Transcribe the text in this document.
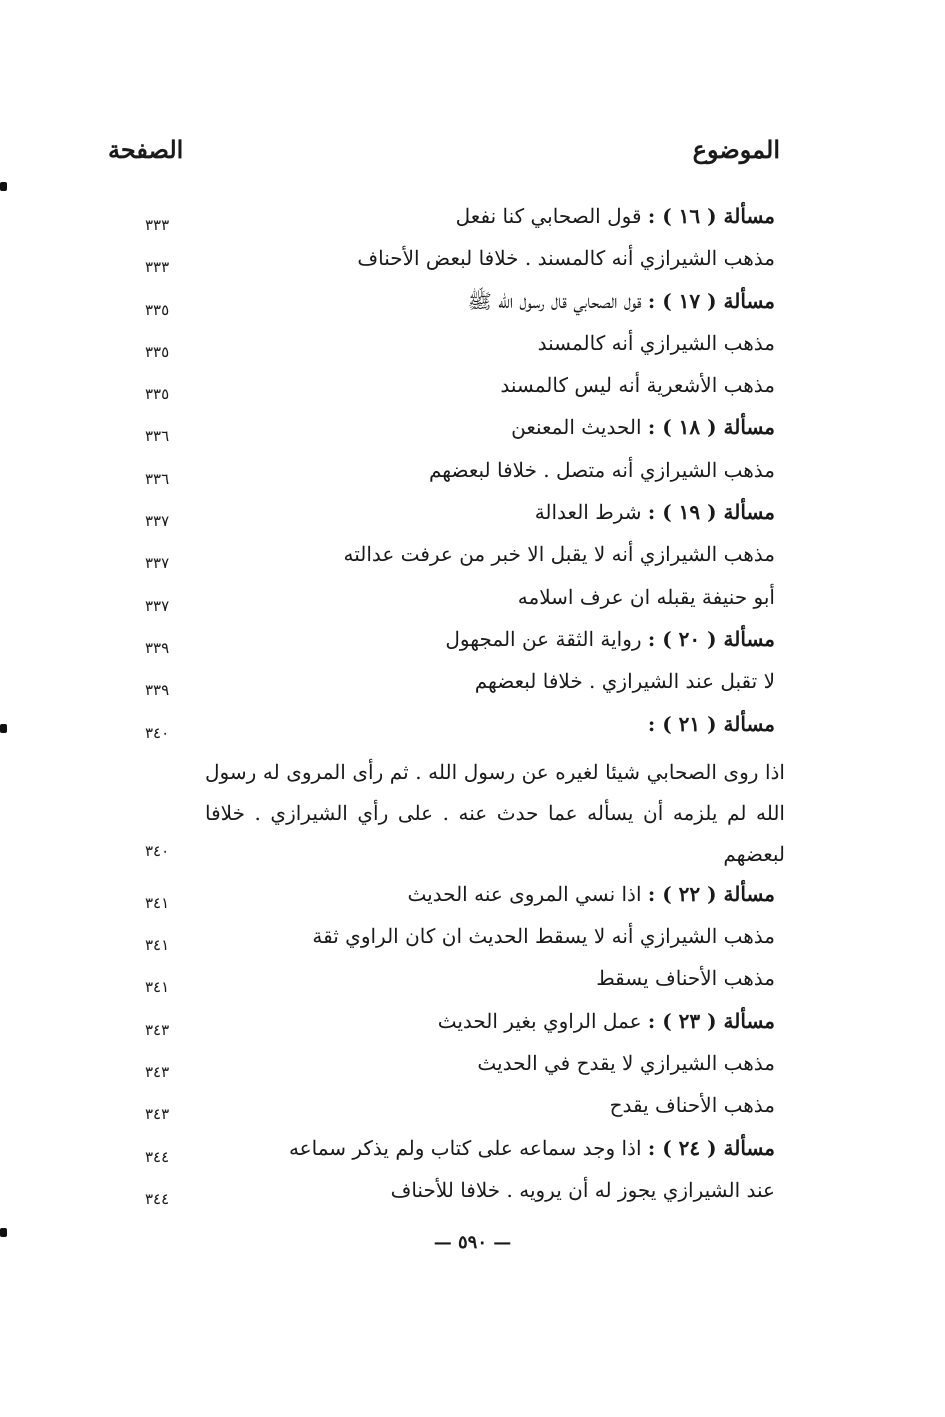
الموضوع
الصفحة
مسألة ( ١٦ ) : قول الصحابي كنا نفعل
٣٣٣
مذهب الشيرازي أنه كالمسند . خلافا لبعض الأحناف
٣٣٣
مسألة ( ١٧ ) : قول الصحابي قال رسول الله ﷺ
٣٣٥
مذهب الشيرازي أنه كالمسند
٣٣٥
مذهب الأشعرية أنه ليس كالمسند
٣٣٥
مسألة ( ١٨ ) : الحديث المعنعن
٣٣٦
مذهب الشيرازي أنه متصل . خلافا لبعضهم
٣٣٦
مسألة ( ١٩ ) : شرط العدالة
٣٣٧
مذهب الشيرازي أنه لا يقبل الا خبر من عرفت عدالته
٣٣٧
أبو حنيفة يقبله ان عرف اسلامه
٣٣٧
مسألة ( ٢٠ ) : رواية الثقة عن المجهول
٣٣٩
لا تقبل عند الشيرازي . خلافا لبعضهم
٣٣٩
مسألة ( ٢١ ) :
٣٤٠
اذا روى الصحابي شيئا لغيره عن رسول الله . ثم رأى المروى له رسول الله لم يلزمه أن يسأله عما حدث عنه . على رأي الشيرازي . خلافا لبعضهم
٣٤٠
مسألة ( ٢٢ ) : اذا نسي المروى عنه الحديث
٣٤١
مذهب الشيرازي أنه لا يسقط الحديث ان كان الراوي ثقة
٣٤١
مذهب الأحناف يسقط
٣٤١
مسألة ( ٢٣ ) : عمل الراوي بغير الحديث
٣٤٣
مذهب الشيرازي لا يقدح في الحديث
٣٤٣
مذهب الأحناف يقدح
٣٤٣
مسألة ( ٢٤ ) : اذا وجد سماعه على كتاب ولم يذكر سماعه
٣٤٤
عند الشيرازي يجوز له أن يرويه . خلافا للأحناف
٣٤٤
— ٥٩٠ —
